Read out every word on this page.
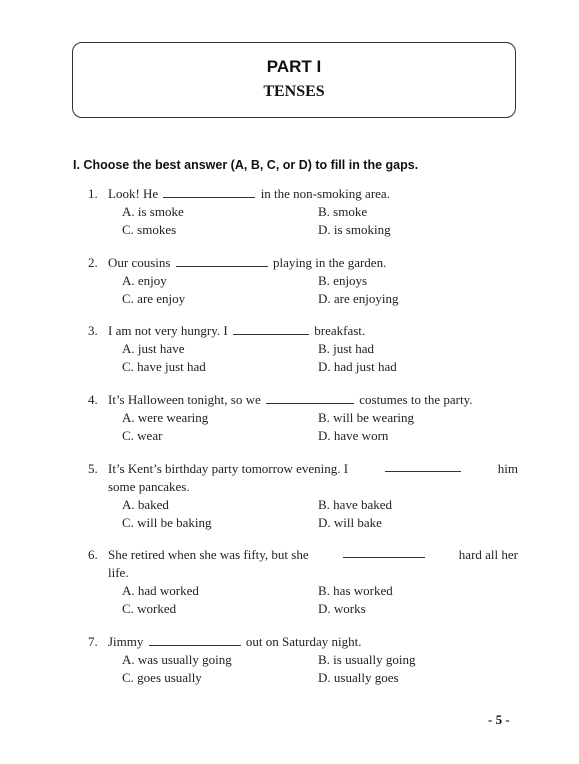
PART I
TENSES
I. Choose the best answer (A, B, C, or D) to fill in the gaps.
1. Look! He	in the non-smoking area.
A. is smoke	B. smoke
C. smokes	D. is smoking
2. Our cousins	playing in the garden.
A. enjoy	B. enjoys
C. are enjoy	D. are enjoying
3. I am not very hungry. I	breakfast.
A. just have	B. just had
C. have just had	D. had just had
4. It’s Halloween tonight, so we	costumes to the party.
A. were wearing	B. will be wearing
C. wear	D. have worn
5. It’s Kent’s birthday party tomorrow evening. I	him
some pancakes.
A. baked	B. have baked
C. will be baking	D. will bake
6. She retired when she was fifty, but she	hard all her
life.
A. had worked	B. has worked
C. worked	D. works
7. Jimmy	out on Saturday night.
A. was usually going	B. is usually going
C. goes usually	D. usually goes
- 5 -
